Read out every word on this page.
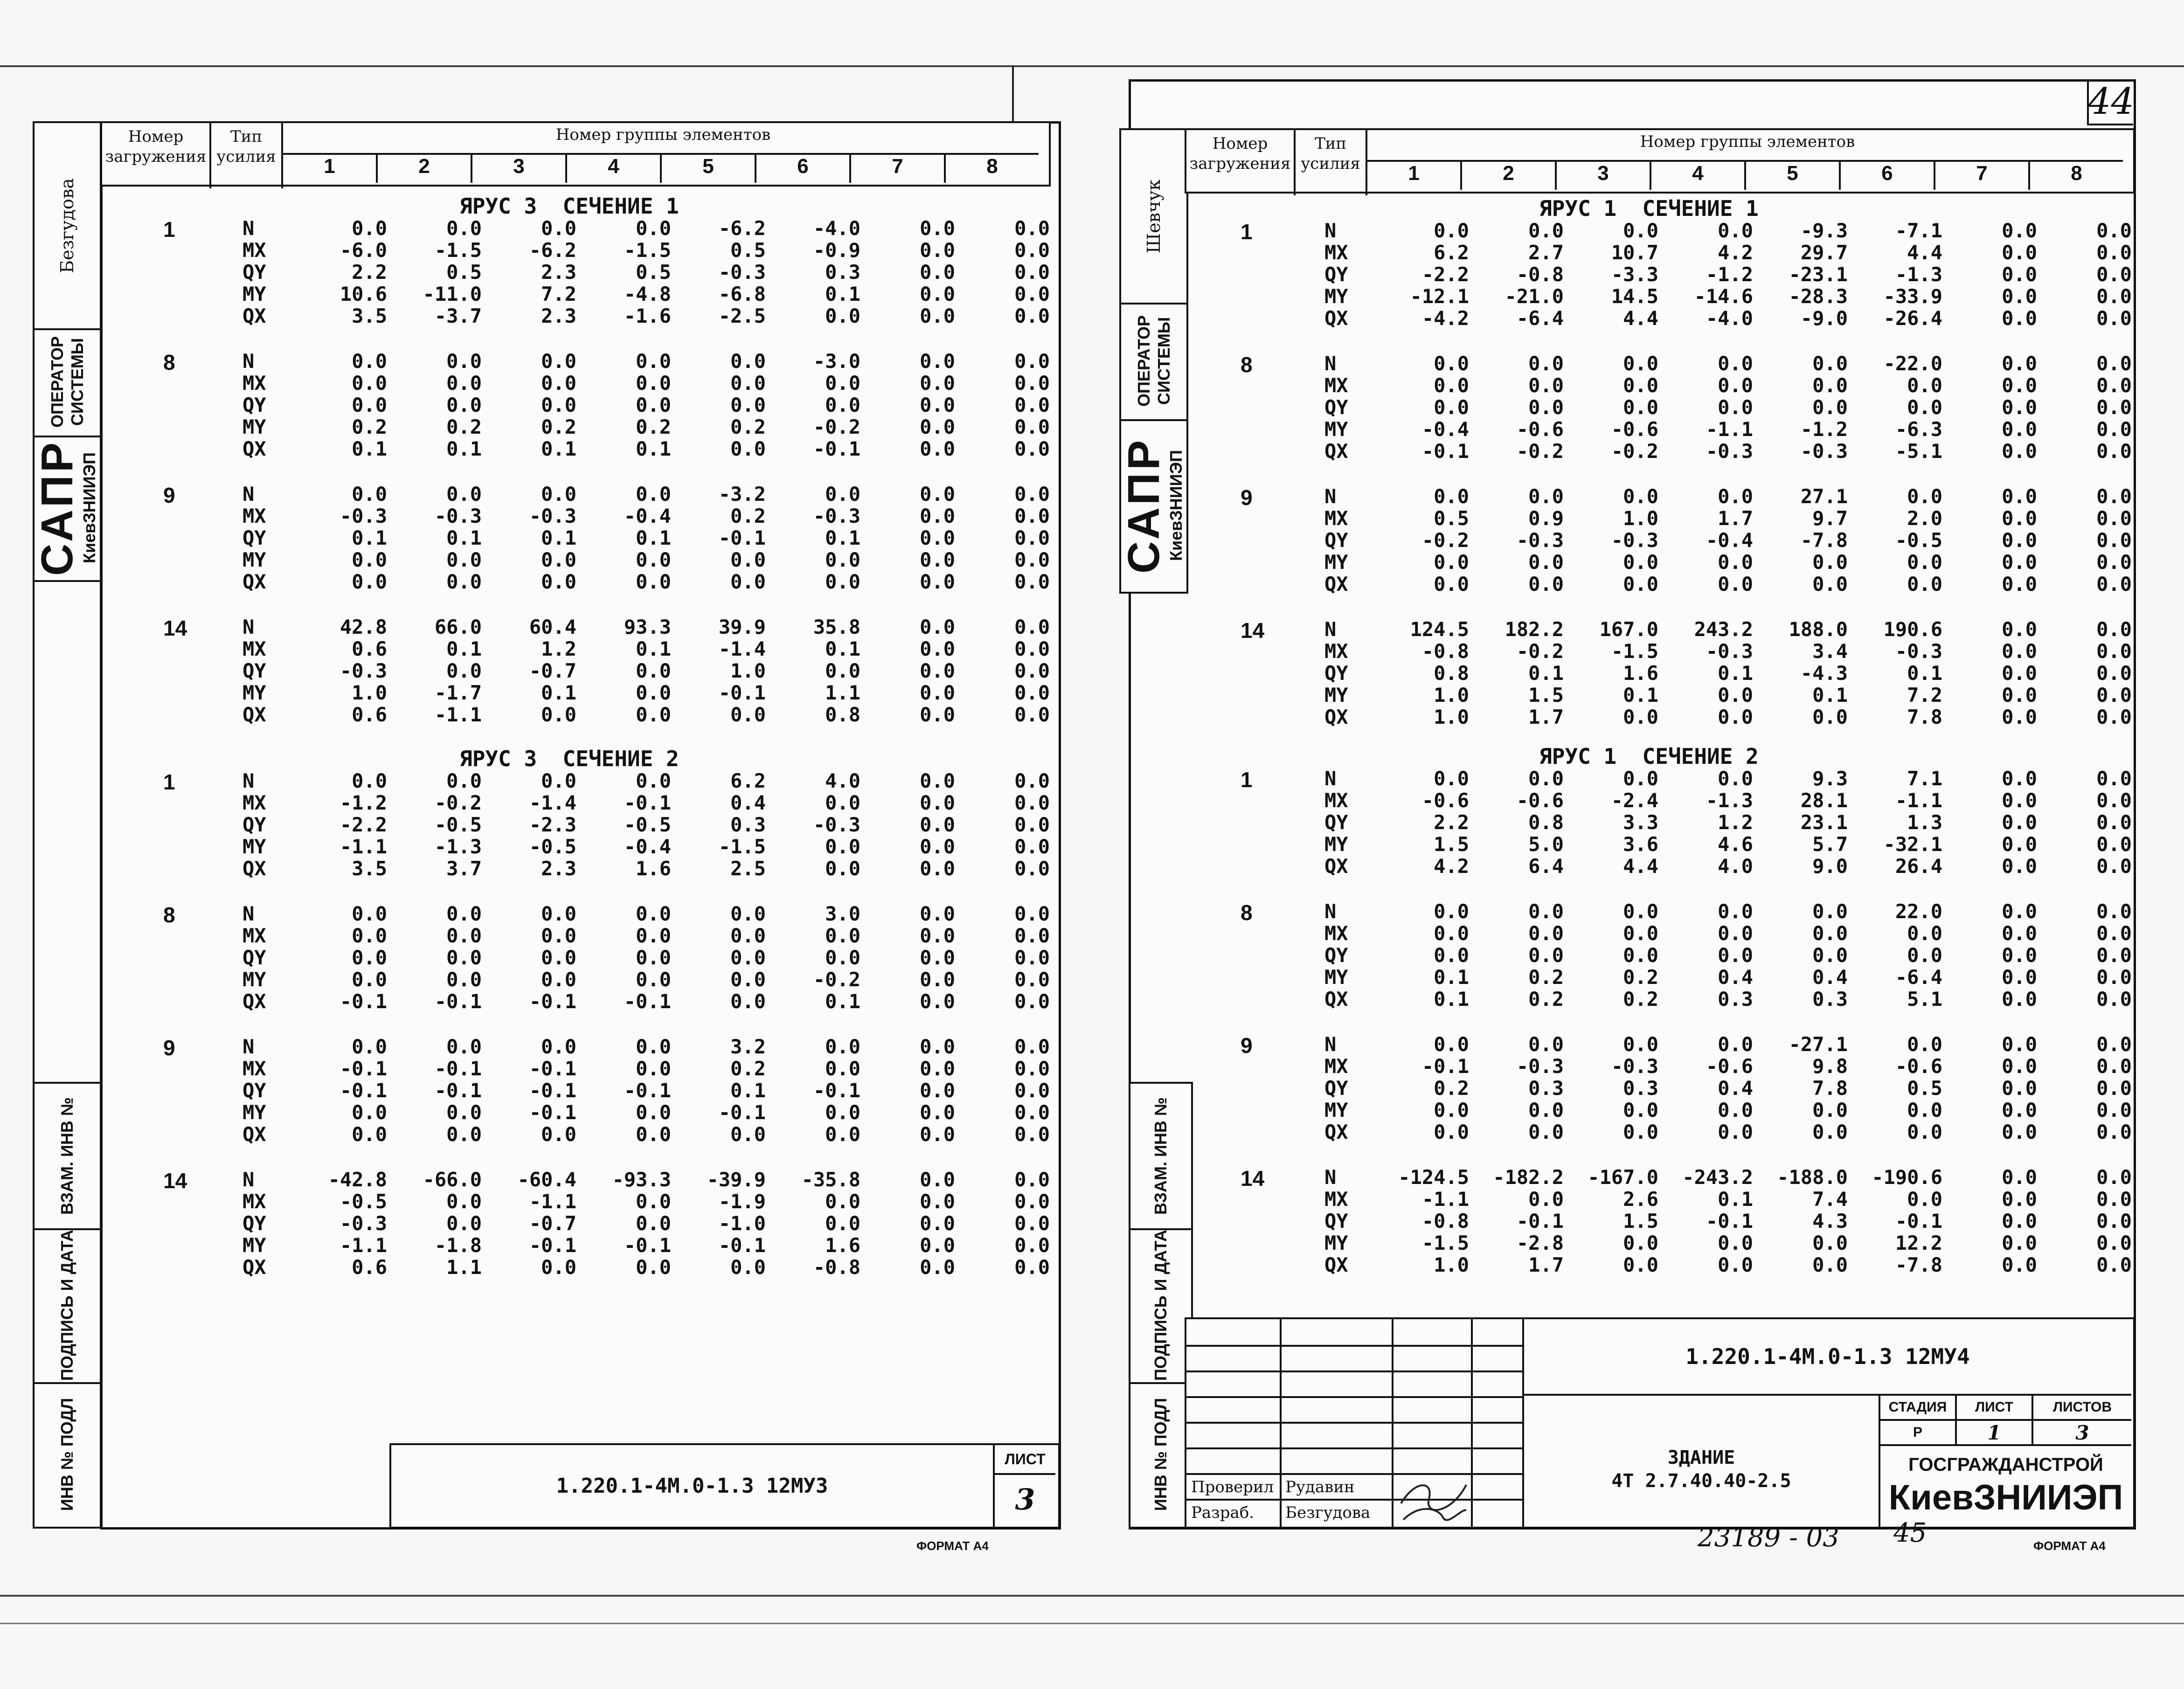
Безгудова
ОПЕРАТОР
СИСТЕМЫ
САПР
КиевЗНИИЭП
ВЗАМ. ИНВ №
ПОДПИСЬ И ДАТА
ИНВ № ПОДЛ
Номер
загружения
Тип
усилия
Номер группы элементов
1	2	3	4	5	6	7	8
ЯРУС 3  СЕЧЕНИЕ 1
1	N	0.0	0.0	0.0	0.0	-6.2	-4.0	0.0	0.0
MX	-6.0	-1.5	-6.2	-1.5	0.5	-0.9	0.0	0.0
QY	2.2	0.5	2.3	0.5	-0.3	0.3	0.0	0.0
MY	10.6	-11.0	7.2	-4.8	-6.8	0.1	0.0	0.0
QX	3.5	-3.7	2.3	-1.6	-2.5	0.0	0.0	0.0
8	N	0.0	0.0	0.0	0.0	0.0	-3.0	0.0	0.0
MX	0.0	0.0	0.0	0.0	0.0	0.0	0.0	0.0
QY	0.0	0.0	0.0	0.0	0.0	0.0	0.0	0.0
MY	0.2	0.2	0.2	0.2	0.2	-0.2	0.0	0.0
QX	0.1	0.1	0.1	0.1	0.0	-0.1	0.0	0.0
9	N	0.0	0.0	0.0	0.0	-3.2	0.0	0.0	0.0
MX	-0.3	-0.3	-0.3	-0.4	0.2	-0.3	0.0	0.0
QY	0.1	0.1	0.1	0.1	-0.1	0.1	0.0	0.0
MY	0.0	0.0	0.0	0.0	0.0	0.0	0.0	0.0
QX	0.0	0.0	0.0	0.0	0.0	0.0	0.0	0.0
14	N	42.8	66.0	60.4	93.3	39.9	35.8	0.0	0.0
MX	0.6	0.1	1.2	0.1	-1.4	0.1	0.0	0.0
QY	-0.3	0.0	-0.7	0.0	1.0	0.0	0.0	0.0
MY	1.0	-1.7	0.1	0.0	-0.1	1.1	0.0	0.0
QX	0.6	-1.1	0.0	0.0	0.0	0.8	0.0	0.0
ЯРУС 3  СЕЧЕНИЕ 2
1	N	0.0	0.0	0.0	0.0	6.2	4.0	0.0	0.0
MX	-1.2	-0.2	-1.4	-0.1	0.4	0.0	0.0	0.0
QY	-2.2	-0.5	-2.3	-0.5	0.3	-0.3	0.0	0.0
MY	-1.1	-1.3	-0.5	-0.4	-1.5	0.0	0.0	0.0
QX	3.5	3.7	2.3	1.6	2.5	0.0	0.0	0.0
8	N	0.0	0.0	0.0	0.0	0.0	3.0	0.0	0.0
MX	0.0	0.0	0.0	0.0	0.0	0.0	0.0	0.0
QY	0.0	0.0	0.0	0.0	0.0	0.0	0.0	0.0
MY	0.0	0.0	0.0	0.0	0.0	-0.2	0.0	0.0
QX	-0.1	-0.1	-0.1	-0.1	0.0	0.1	0.0	0.0
9	N	0.0	0.0	0.0	0.0	3.2	0.0	0.0	0.0
MX	-0.1	-0.1	-0.1	0.0	0.2	0.0	0.0	0.0
QY	-0.1	-0.1	-0.1	-0.1	0.1	-0.1	0.0	0.0
MY	0.0	0.0	-0.1	0.0	-0.1	0.0	0.0	0.0
QX	0.0	0.0	0.0	0.0	0.0	0.0	0.0	0.0
14	N	-42.8	-66.0	-60.4	-93.3	-39.9	-35.8	0.0	0.0
MX	-0.5	0.0	-1.1	0.0	-1.9	0.0	0.0	0.0
QY	-0.3	0.0	-0.7	0.0	-1.0	0.0	0.0	0.0
MY	-1.1	-1.8	-0.1	-0.1	-0.1	1.6	0.0	0.0
QX	0.6	1.1	0.0	0.0	0.0	-0.8	0.0	0.0
1.220.1-4М.0-1.3 12МУ3
ЛИСТ
3
ФОРМАТ А4
44
Шевчук
ОПЕРАТОР
СИСТЕМЫ
САПР
КиевЗНИИЭП
ВЗАМ. ИНВ №
ПОДПИСЬ И ДАТА
ИНВ № ПОДЛ
Номер
загружения
Тип
усилия
Номер группы элементов
1	2	3	4	5	6	7	8
ЯРУС 1  СЕЧЕНИЕ 1
1	N	0.0	0.0	0.0	0.0	-9.3	-7.1	0.0	0.0
MX	6.2	2.7	10.7	4.2	29.7	4.4	0.0	0.0
QY	-2.2	-0.8	-3.3	-1.2	-23.1	-1.3	0.0	0.0
MY	-12.1	-21.0	14.5	-14.6	-28.3	-33.9	0.0	0.0
QX	-4.2	-6.4	4.4	-4.0	-9.0	-26.4	0.0	0.0
8	N	0.0	0.0	0.0	0.0	0.0	-22.0	0.0	0.0
MX	0.0	0.0	0.0	0.0	0.0	0.0	0.0	0.0
QY	0.0	0.0	0.0	0.0	0.0	0.0	0.0	0.0
MY	-0.4	-0.6	-0.6	-1.1	-1.2	-6.3	0.0	0.0
QX	-0.1	-0.2	-0.2	-0.3	-0.3	-5.1	0.0	0.0
9	N	0.0	0.0	0.0	0.0	27.1	0.0	0.0	0.0
MX	0.5	0.9	1.0	1.7	9.7	2.0	0.0	0.0
QY	-0.2	-0.3	-0.3	-0.4	-7.8	-0.5	0.0	0.0
MY	0.0	0.0	0.0	0.0	0.0	0.0	0.0	0.0
QX	0.0	0.0	0.0	0.0	0.0	0.0	0.0	0.0
14	N	124.5	182.2	167.0	243.2	188.0	190.6	0.0	0.0
MX	-0.8	-0.2	-1.5	-0.3	3.4	-0.3	0.0	0.0
QY	0.8	0.1	1.6	0.1	-4.3	0.1	0.0	0.0
MY	1.0	1.5	0.1	0.0	0.1	7.2	0.0	0.0
QX	1.0	1.7	0.0	0.0	0.0	7.8	0.0	0.0
ЯРУС 1  СЕЧЕНИЕ 2
1	N	0.0	0.0	0.0	0.0	9.3	7.1	0.0	0.0
MX	-0.6	-0.6	-2.4	-1.3	28.1	-1.1	0.0	0.0
QY	2.2	0.8	3.3	1.2	23.1	1.3	0.0	0.0
MY	1.5	5.0	3.6	4.6	5.7	-32.1	0.0	0.0
QX	4.2	6.4	4.4	4.0	9.0	26.4	0.0	0.0
8	N	0.0	0.0	0.0	0.0	0.0	22.0	0.0	0.0
MX	0.0	0.0	0.0	0.0	0.0	0.0	0.0	0.0
QY	0.0	0.0	0.0	0.0	0.0	0.0	0.0	0.0
MY	0.1	0.2	0.2	0.4	0.4	-6.4	0.0	0.0
QX	0.1	0.2	0.2	0.3	0.3	5.1	0.0	0.0
9	N	0.0	0.0	0.0	0.0	-27.1	0.0	0.0	0.0
MX	-0.1	-0.3	-0.3	-0.6	9.8	-0.6	0.0	0.0
QY	0.2	0.3	0.3	0.4	7.8	0.5	0.0	0.0
MY	0.0	0.0	0.0	0.0	0.0	0.0	0.0	0.0
QX	0.0	0.0	0.0	0.0	0.0	0.0	0.0	0.0
14	N	-124.5	-182.2	-167.0	-243.2	-188.0	-190.6	0.0	0.0
MX	-1.1	0.0	2.6	0.1	7.4	0.0	0.0	0.0
QY	-0.8	-0.1	1.5	-0.1	4.3	-0.1	0.0	0.0
MY	-1.5	-2.8	0.0	0.0	0.0	12.2	0.0	0.0
QX	1.0	1.7	0.0	0.0	0.0	-7.8	0.0	0.0
Проверил Рудавин
Разраб. Безгудова
1.220.1-4М.0-1.3 12МУ4
ЗДАНИЕ
4Т 2.7.40.40-2.5
СТАДИЯ	ЛИСТ	ЛИСТОВ
Р	1	3
ГОСГРАЖДАНСТРОЙ
КиевЗНИИЭП
23189 - 03 45	ФОРМАТ А4
